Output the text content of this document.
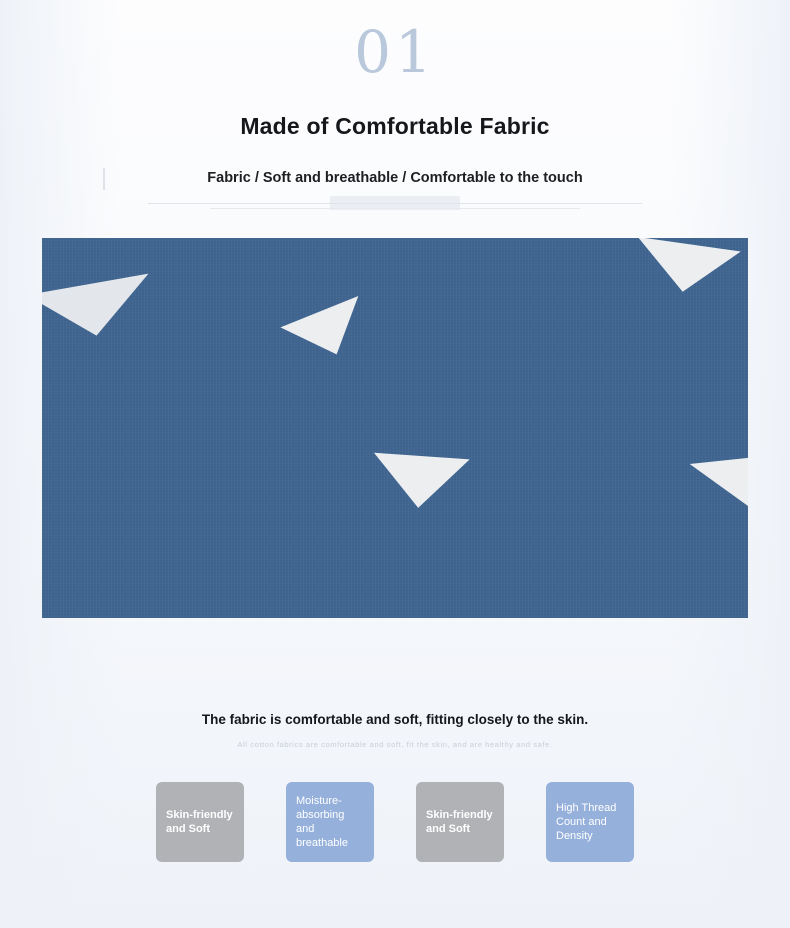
01
Made of Comfortable Fabric
Fabric / Soft and breathable / Comfortable to the touch
The fabric is comfortable and soft, fitting closely to the skin.
All cotton fabrics are comfortable and soft, fit the skin, and are healthy and safe.
Skin-friendly and Soft
Moisture-absorbing and breathable
Skin-friendly and Soft
High Thread Count and Density
